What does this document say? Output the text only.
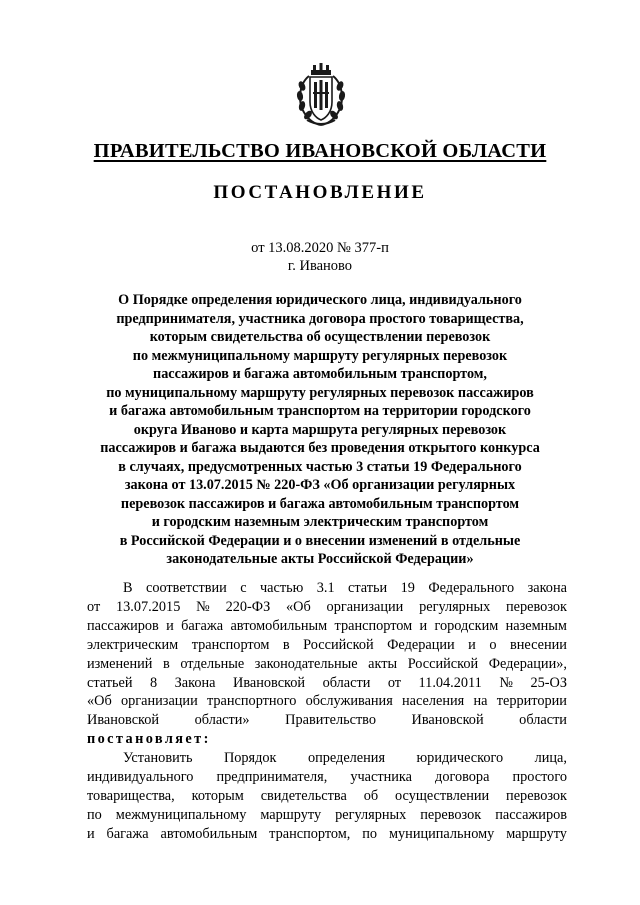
ПРАВИТЕЛЬСТВО ИВАНОВСКОЙ ОБЛАСТИ
ПОСТАНОВЛЕНИЕ
от 13.08.2020 № 377-п
г. Иваново
О Порядке определения юридического лица, индивидуального
предпринимателя, участника договора простого товарищества,
которым свидетельства об осуществлении перевозок
по межмуниципальному маршруту регулярных перевозок
пассажиров и багажа автомобильным транспортом,
по муниципальному маршруту регулярных перевозок пассажиров
и багажа автомобильным транспортом на территории городского
округа Иваново и карта маршрута регулярных перевозок
пассажиров и багажа выдаются без проведения открытого конкурса
в случаях, предусмотренных частью 3 статьи 19 Федерального
закона от 13.07.2015 № 220-ФЗ «Об организации регулярных
перевозок пассажиров и багажа автомобильным транспортом
и городским наземным электрическим транспортом
в Российской Федерации и о внесении изменений в отдельные
законодательные акты Российской Федерации»
В соответствии с частью 3.1 статьи 19 Федерального закона
от 13.07.2015 № 220-ФЗ «Об организации регулярных перевозок
пассажиров и багажа автомобильным транспортом и городским наземным
электрическим транспортом в Российской Федерации и о внесении
изменений в отдельные законодательные акты Российской Федерации»,
статьей 8 Закона Ивановской области от 11.04.2011 № 25-ОЗ
«Об организации транспортного обслуживания населения на территории
Ивановской области» Правительство Ивановской области
постановляет:
Установить Порядок определения юридического лица,
индивидуального предпринимателя, участника договора простого
товарищества, которым свидетельства об осуществлении перевозок
по межмуниципальному маршруту регулярных перевозок пассажиров
и багажа автомобильным транспортом, по муниципальному маршруту
